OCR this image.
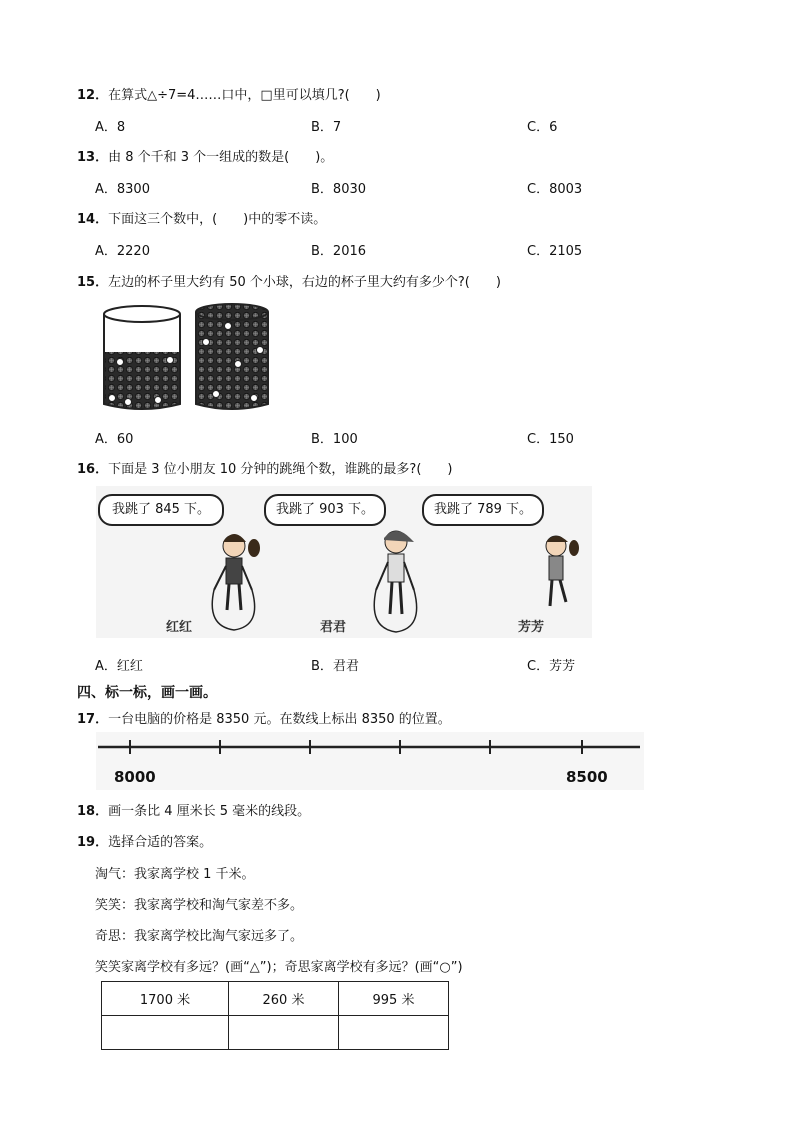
12．在算式△÷7=4……口中，□里可以填几?(　　)
A．8	B．7	C．6
13．由 8 个千和 3 个一组成的数是(　　)。
A．8300	B．8030	C．8003
14．下面这三个数中，(　　)中的零不读。
A．2220	B．2016	C．2105
15．左边的杯子里大约有 50 个小球，右边的杯子里大约有多少个?(　　)
A．60	B．100	C．150
16．下面是 3 位小朋友 10 分钟的跳绳个数，谁跳的最多?(　　)
我跳了 845 下。	我跳了 903 下。	我跳了 789 下。
红红	君君	芳芳
A．红红	B．君君	C．芳芳
四、标一标，画一画。
17．一台电脑的价格是 8350 元。在数线上标出 8350 的位置。
8000	8500
18．画一条比 4 厘米长 5 毫米的线段。
19．选择合适的答案。
淘气：我家离学校 1 千米。
笑笑：我家离学校和淘气家差不多。
奇思：我家离学校比淘气家远多了。
笑笑家离学校有多远？(画“△”)；奇思家离学校有多远？(画“○”)
1700 米	260 米	995 米
